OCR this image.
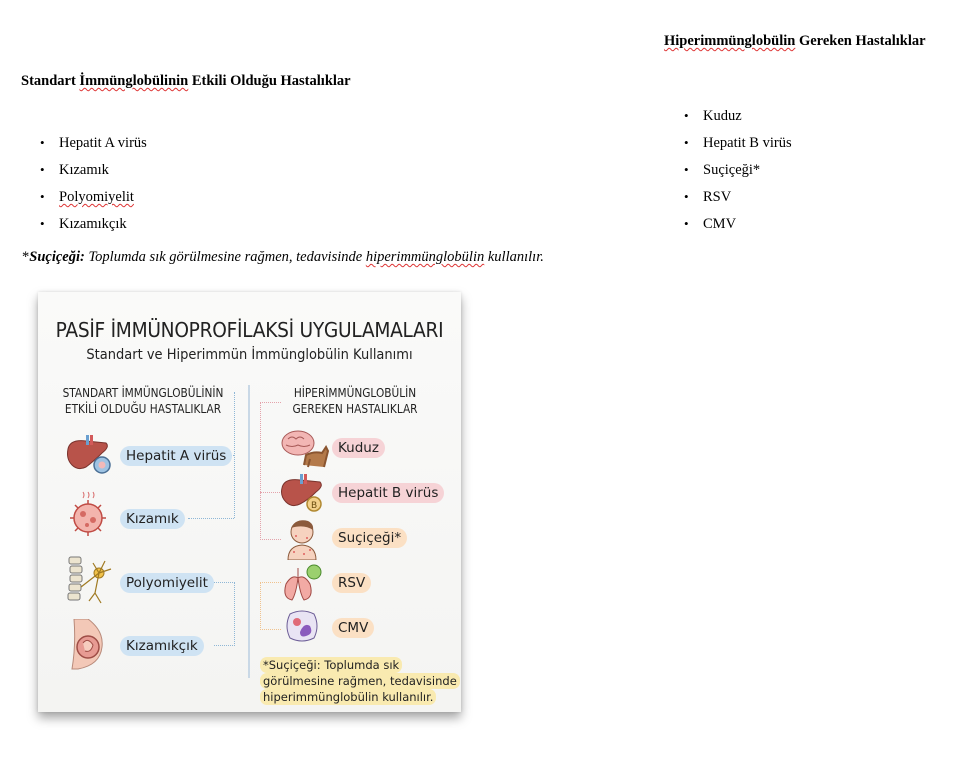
Hiperimmünglobülin Gereken Hastalıklar
Standart İmmünglobülinin Etkili Olduğu Hastalıklar
• Kuduz
• Hepatit B virüs
• Suçiçeği*
• RSV
• CMV
• Hepatit A virüs
• Kızamık
• Polyomiyelit
• Kızamıkçık
*Suçiçeği: Toplumda sık görülmesine rağmen, tedavisinde hiperimmünglobülin kullanılır.
PASİF İMMÜNOPROFİLAKSİ UYGULAMALARI
Standart ve Hiperimmün İmmünglobülin Kullanımı
STANDART İMMÜNGLOBÜLİNİN
ETKİLİ OLDUĞU HASTALIKLAR
HİPERİMMÜNGLOBÜLİN
GEREKEN HASTALIKLAR
Hepatit A virüs
Kızamık
Polyomiyelit
Kızamıkçık
B
Kuduz
Hepatit B virüs
Suçiçeği*
RSV
CMV
*Suçiçeği: Toplumda sık
görülmesine rağmen, tedavisinde
hiperimmünglobülin kullanılır.
